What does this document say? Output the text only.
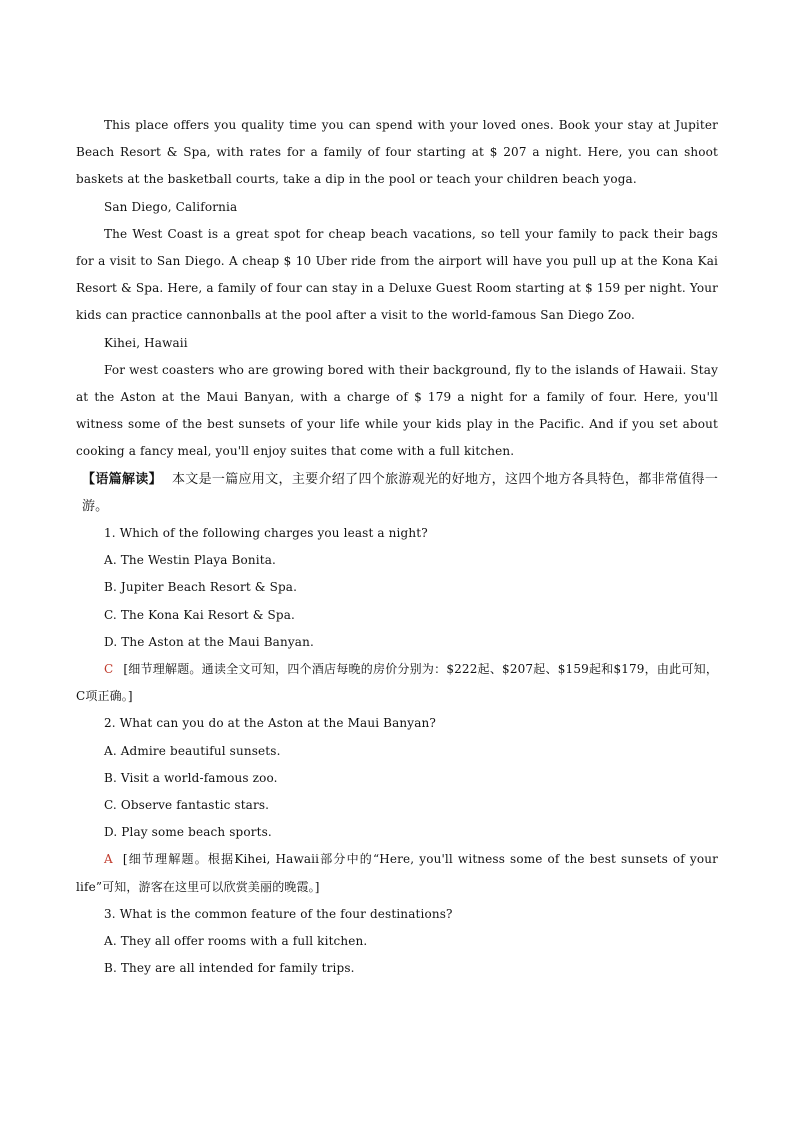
This place offers you quality time you can spend with your loved ones. Book your stay at Jupiter Beach Resort & Spa, with rates for a family of four starting at $ 207 a night. Here, you can shoot baskets at the basketball courts, take a dip in the pool or teach your children beach yoga.

San Diego, California

The West Coast is a great spot for cheap beach vacations, so tell your family to pack their bags for a visit to San Diego. A cheap $ 10 Uber ride from the airport will have you pull up at the Kona Kai Resort & Spa. Here, a family of four can stay in a Deluxe Guest Room starting at $ 159 per night. Your kids can practice cannonballs at the pool after a visit to the world-famous San Diego Zoo.

Kihei, Hawaii

For west coasters who are growing bored with their background, fly to the islands of Hawaii. Stay at the Aston at the Maui Banyan, with a charge of $ 179 a night for a family of four. Here, you'll witness some of the best sunsets of your life while your kids play in the Pacific. And if you set about cooking a fancy meal, you'll enjoy suites that come with a full kitchen.

【语篇解读】 本文是一篇应用文，主要介绍了四个旅游观光的好地方，这四个地方各具特色，都非常值得一游。

1. Which of the following charges you least a night?

A. The Westin Playa Bonita.

B. Jupiter Beach Resort & Spa.

C. The Kona Kai Resort & Spa.

D. The Aston at the Maui Banyan.

C [细节理解题。通读全文可知，四个酒店每晚的房价分别为：$222起、$207起、$159起和$179，由此可知，C项正确。]

2. What can you do at the Aston at the Maui Banyan?

A. Admire beautiful sunsets.

B. Visit a world-famous zoo.

C. Observe fantastic stars.

D. Play some beach sports.

A [细节理解题。根据Kihei, Hawaii部分中的“Here, you'll witness some of the best sunsets of your life”可知，游客在这里可以欣赏美丽的晚霞。]

3. What is the common feature of the four destinations?

A. They all offer rooms with a full kitchen.

B. They are all intended for family trips.
